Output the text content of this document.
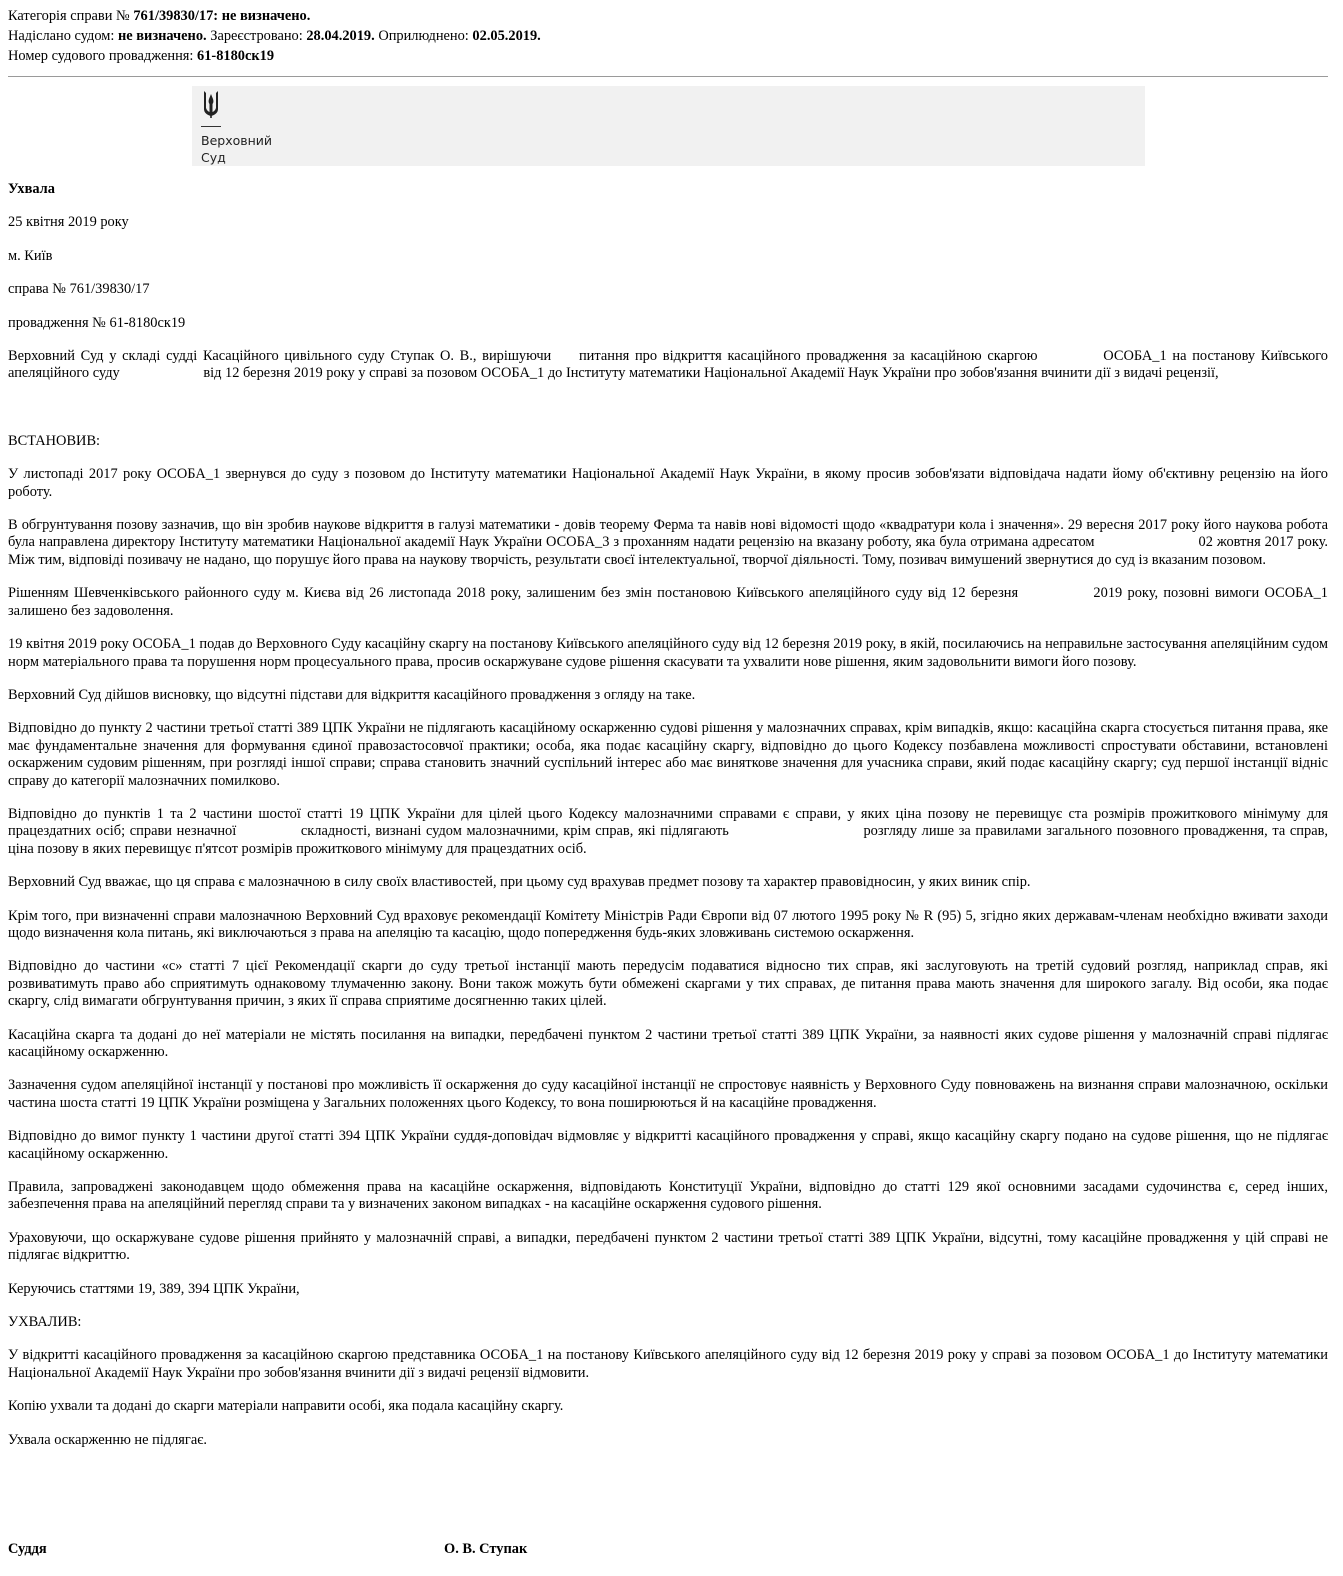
Категорія справи № 761/39830/17: не визначено.
Надіслано судом: не визначено. Зареєстровано: 28.04.2019. Оприлюднено: 02.05.2019.
Номер судового провадження: 61-8180ск19
Верховний
Суд

Ухвала

25 квітня 2019 року

м. Київ

справа № 761/39830/17

провадження № 61-8180ск19

Верховний Суд у складі судді Касаційного цивільного суду Ступак О. В., вирішуючи питання про відкриття касаційного провадження за касаційною скаргою	ОСОБА_1 на постанову Київського апеляційного суду	від 12 березня 2019 року у справі за позовом ОСОБА_1 до Інституту математики Національної Академії Наук України про зобов'язання вчинити дії з видачі рецензії,

ВСТАНОВИВ:

У листопаді 2017 року ОСОБА_1 звернувся до суду з позовом до Інституту математики Національної Академії Наук України, в якому просив зобов'язати відповідача надати йому об'єктивну рецензію на його роботу.

В обгрунтування позову зазначив, що він зробив наукове відкриття в галузі математики - довів теорему Ферма та навів нові відомості щодо «квадратури кола і значення». 29 вересня 2017 року його наукова робота була направлена директору Інституту математики Національної академії Наук України ОСОБА_3 з проханням надати рецензію на вказану роботу, яка була отримана адресатом	02 жовтня 2017 року. Між тим, відповіді позивачу не надано, що порушує його права на наукову творчість, результати своєї інтелектуальної, творчої діяльності. Тому, позивач вимушений звернутися до суд із вказаним позовом.

Рішенням Шевченківського районного суду м. Києва від 26 листопада 2018 року, залишеним без змін постановою Київського апеляційного суду від 12 березня	2019 року, позовні вимоги ОСОБА_1 залишено без задоволення.

19 квітня 2019 року ОСОБА_1 подав до Верховного Суду касаційну скаргу на постанову Київського апеляційного суду від 12 березня 2019 року, в якій, посилаючись на неправильне застосування апеляційним судом норм матеріального права та порушення норм процесуального права, просив оскаржуване судове рішення скасувати та ухвалити нове рішення, яким задовольнити вимоги його позову.

Верховний Суд дійшов висновку, що відсутні підстави для відкриття касаційного провадження з огляду на таке.

Відповідно до пункту 2 частини третьої статті 389 ЦПК України не підлягають касаційному оскарженню судові рішення у малозначних справах, крім випадків, якщо: касаційна скарга стосується питання права, яке має фундаментальне значення для формування єдиної правозастосовчої практики; особа, яка подає касаційну скаргу, відповідно до цього Кодексу позбавлена можливості спростувати обставини, встановлені оскарженим судовим рішенням, при розгляді іншої справи; справа становить значний суспільний інтерес або має виняткове значення для учасника справи, який подає касаційну скаргу; суд першої інстанції відніс справу до категорії малозначних помилково.

Відповідно до пунктів 1 та 2 частини шостої статті 19 ЦПК України для цілей цього Кодексу малозначними справами є справи, у яких ціна позову не перевищує ста розмірів прожиткового мінімуму для працездатних осіб; справи незначної	складності, визнані судом малозначними, крім справ, які підлягають	розгляду лише за правилами загального позовного провадження, та справ, ціна позову в яких перевищує п'ятсот розмірів прожиткового мінімуму для працездатних осіб.

Верховний Суд вважає, що ця справа є малозначною в силу своїх властивостей, при цьому суд врахував предмет позову та характер правовідносин, у яких виник спір.

Крім того, при визначенні справи малозначною Верховний Суд враховує рекомендації Комітету Міністрів Ради Європи від 07 лютого 1995 року № R (95) 5, згідно яких державам-членам необхідно вживати заходи щодо визначення кола питань, які виключаються з права на апеляцію та касацію, щодо попередження будь-яких зловживань системою оскарження.

Відповідно до частини «c» статті 7 цієї Рекомендації скарги до суду третьої інстанції мають передусім подаватися відносно тих справ, які заслуговують на третій судовий розгляд, наприклад справ, які розвиватимуть право або сприятимуть однаковому тлумаченню закону. Вони також можуть бути обмежені скаргами у тих справах, де питання права мають значення для широкого загалу. Від особи, яка подає скаргу, слід вимагати обгрунтування причин, з яких її справа сприятиме досягненню таких цілей.

Касаційна скарга та додані до неї матеріали не містять посилання на випадки, передбачені пунктом 2 частини третьої статті 389 ЦПК України, за наявності яких судове рішення у малозначній справі підлягає касаційному оскарженню.

Зазначення судом апеляційної інстанції у постанові про можливість її оскарження до суду касаційної інстанції не спростовує наявність у Верховного Суду повноважень на визнання справи малозначною, оскільки частина шоста статті 19 ЦПК України розміщена у Загальних положеннях цього Кодексу, то вона поширюються й на касаційне провадження.

Відповідно до вимог пункту 1 частини другої статті 394 ЦПК України суддя-доповідач відмовляє у відкритті касаційного провадження у справі, якщо касаційну скаргу подано на судове рішення, що не підлягає касаційному оскарженню.

Правила, запроваджені законодавцем щодо обмеження права на касаційне оскарження, відповідають Конституції України, відповідно до статті 129 якої основними засадами судочинства є, серед інших, забезпечення права на апеляційний перегляд справи та у визначених законом випадках - на касаційне оскарження судового рішення.

Ураховуючи, що оскаржуване судове рішення прийнято у малозначній справі, а випадки, передбачені пунктом 2 частини третьої статті 389 ЦПК України, відсутні, тому касаційне провадження у цій справі не підлягає відкриттю.

Керуючись статтями 19, 389, 394 ЦПК України,

УХВАЛИВ:

У відкритті касаційного провадження за касаційною скаргою представника ОСОБА_1 на постанову Київського апеляційного суду від 12 березня 2019 року у справі за позовом ОСОБА_1 до Інституту математики Національної Академії Наук України про зобов'язання вчинити дії з видачі рецензії відмовити.

Копію ухвали та додані до скарги матеріали направити особі, яка подала касаційну скаргу.

Ухвала оскарженню не підлягає.

Суддя	О. В. Ступак
